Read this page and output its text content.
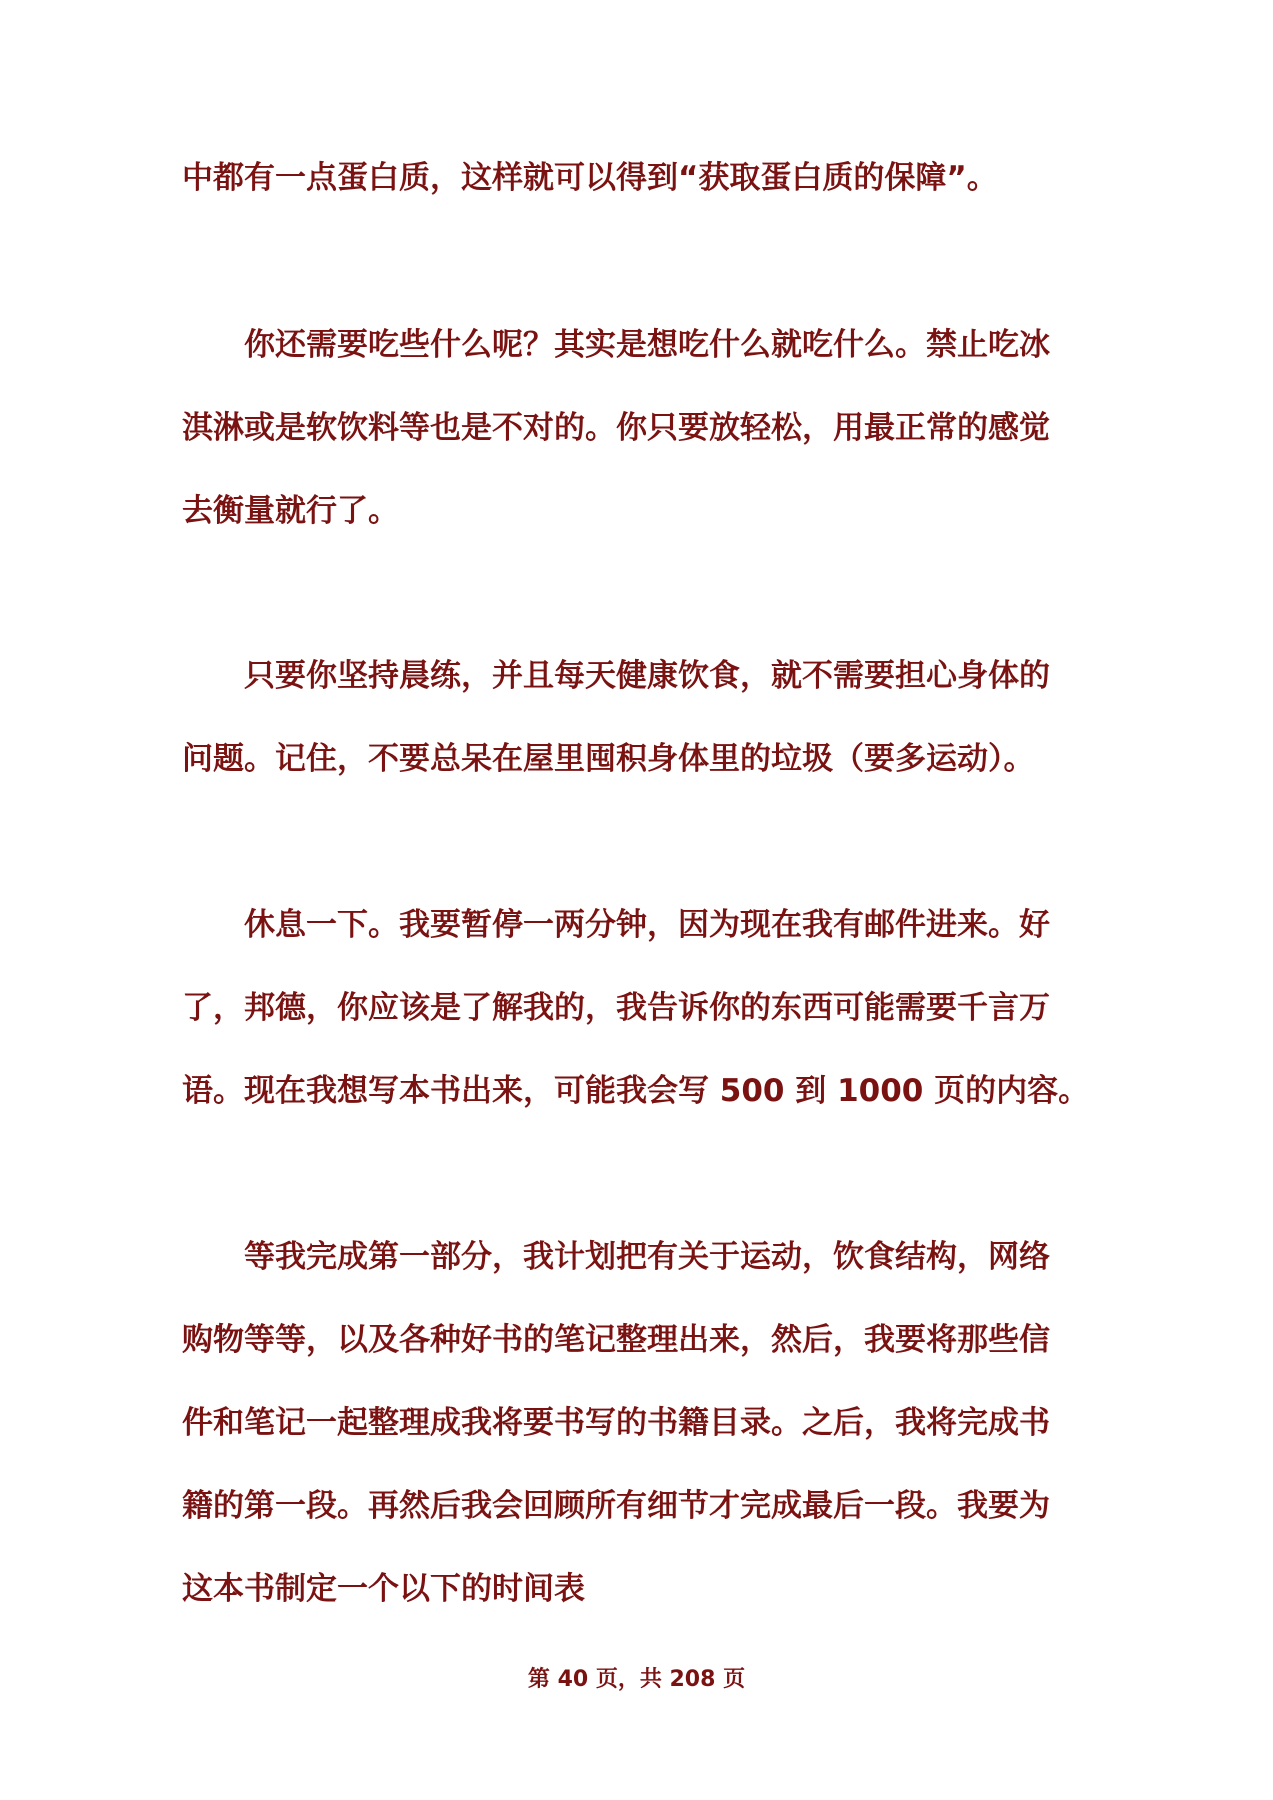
中都有一点蛋白质，这样就可以得到“获取蛋白质的保障”。
你还需要吃些什么呢？其实是想吃什么就吃什么。禁止吃冰
淇淋或是软饮料等也是不对的。你只要放轻松，用最正常的感觉
去衡量就行了。
只要你坚持晨练，并且每天健康饮食，就不需要担心身体的
问题。记住，不要总呆在屋里囤积身体里的垃圾（要多运动）。
休息一下。我要暂停一两分钟，因为现在我有邮件进来。好
了，邦德，你应该是了解我的，我告诉你的东西可能需要千言万
语。现在我想写本书出来，可能我会写 500 到 1000 页的内容。
等我完成第一部分，我计划把有关于运动，饮食结构，网络
购物等等，以及各种好书的笔记整理出来，然后，我要将那些信
件和笔记一起整理成我将要书写的书籍目录。之后，我将完成书
籍的第一段。再然后我会回顾所有细节才完成最后一段。我要为
这本书制定一个以下的时间表
第 40 页，共 208 页
